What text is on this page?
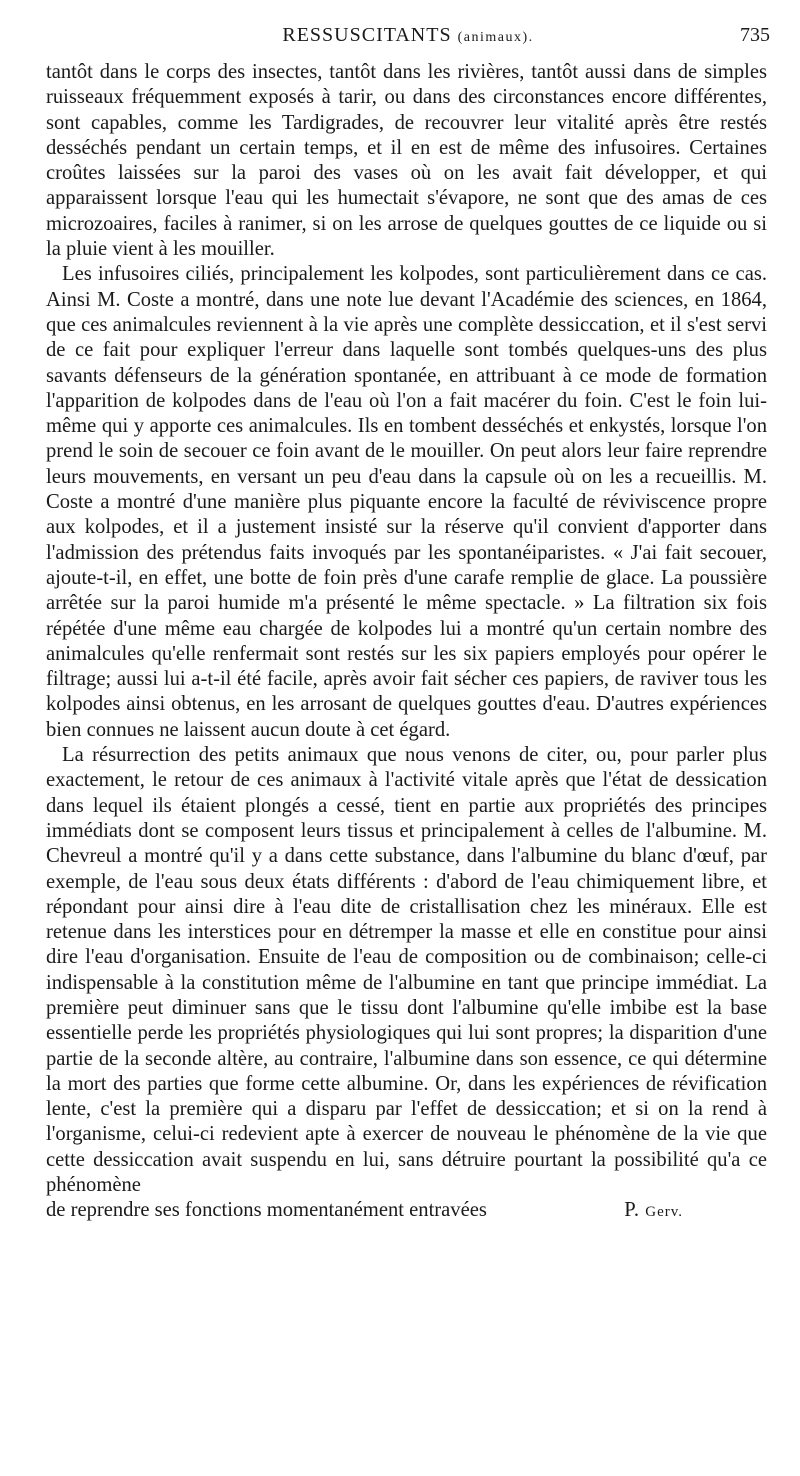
RESSUSCITANTS (animaux).	735

tantôt dans le corps des insectes, tantôt dans les rivières, tantôt aussi dans de simples ruisseaux fréquemment exposés à tarir, ou dans des circonstances encore différentes, sont capables, comme les Tardigrades, de recouvrer leur vitalité après être restés desséchés pendant un certain temps, et il en est de même des infusoires. Certaines croûtes laissées sur la paroi des vases où on les avait fait développer, et qui apparaissent lorsque l'eau qui les humectait s'évapore, ne sont que des amas de ces microzoaires, faciles à ranimer, si on les arrose de quelques gouttes de ce liquide ou si la pluie vient à les mouiller.

Les infusoires ciliés, principalement les kolpodes, sont particulièrement dans ce cas. Ainsi M. Coste a montré, dans une note lue devant l'Académie des sciences, en 1864, que ces animalcules reviennent à la vie après une complète dessiccation, et il s'est servi de ce fait pour expliquer l'erreur dans laquelle sont tombés quelques-uns des plus savants défenseurs de la génération spontanée, en attribuant à ce mode de formation l'apparition de kolpodes dans de l'eau où l'on a fait macérer du foin. C'est le foin lui-même qui y apporte ces animalcules. Ils en tombent desséchés et enkystés, lorsque l'on prend le soin de secouer ce foin avant de le mouiller. On peut alors leur faire reprendre leurs mouvements, en versant un peu d'eau dans la capsule où on les a recueillis. M. Coste a montré d'une manière plus piquante encore la faculté de réviviscence propre aux kolpodes, et il a justement insisté sur la réserve qu'il convient d'apporter dans l'admission des prétendus faits invoqués par les spontanéiparistes. « J'ai fait secouer, ajoute-t-il, en effet, une botte de foin près d'une carafe remplie de glace. La poussière arrêtée sur la paroi humide m'a présenté le même spectacle. » La filtration six fois répétée d'une même eau chargée de kolpodes lui a montré qu'un certain nombre des animalcules qu'elle renfermait sont restés sur les six papiers employés pour opérer le filtrage; aussi lui a-t-il été facile, après avoir fait sécher ces papiers, de raviver tous les kolpodes ainsi obtenus, en les arrosant de quelques gouttes d'eau. D'autres expériences bien connues ne laissent aucun doute à cet égard.

La résurrection des petits animaux que nous venons de citer, ou, pour parler plus exactement, le retour de ces animaux à l'activité vitale après que l'état de dessication dans lequel ils étaient plongés a cessé, tient en partie aux propriétés des principes immédiats dont se composent leurs tissus et principalement à celles de l'albumine. M. Chevreul a montré qu'il y a dans cette substance, dans l'albumine du blanc d'œuf, par exemple, de l'eau sous deux états différents : d'abord de l'eau chimiquement libre, et répondant pour ainsi dire à l'eau dite de cristallisation chez les minéraux. Elle est retenue dans les interstices pour en détremper la masse et elle en constitue pour ainsi dire l'eau d'organisation. Ensuite de l'eau de composition ou de combinaison; celle-ci indispensable à la constitution même de l'albumine en tant que principe immédiat. La première peut diminuer sans que le tissu dont l'albumine qu'elle imbibe est la base essentielle perde les propriétés physiologiques qui lui sont propres; la disparition d'une partie de la seconde altère, au contraire, l'albumine dans son essence, ce qui détermine la mort des parties que forme cette albumine. Or, dans les expériences de révification lente, c'est la première qui a disparu par l'effet de dessiccation; et si on la rend à l'organisme, celui-ci redevient apte à exercer de nouveau le phénomène de la vie que cette dessiccation avait suspendu en lui, sans détruire pourtant la possibilité qu'a ce phénomène

de reprendre ses fonctions momentanément entravées	P. Gerv.
